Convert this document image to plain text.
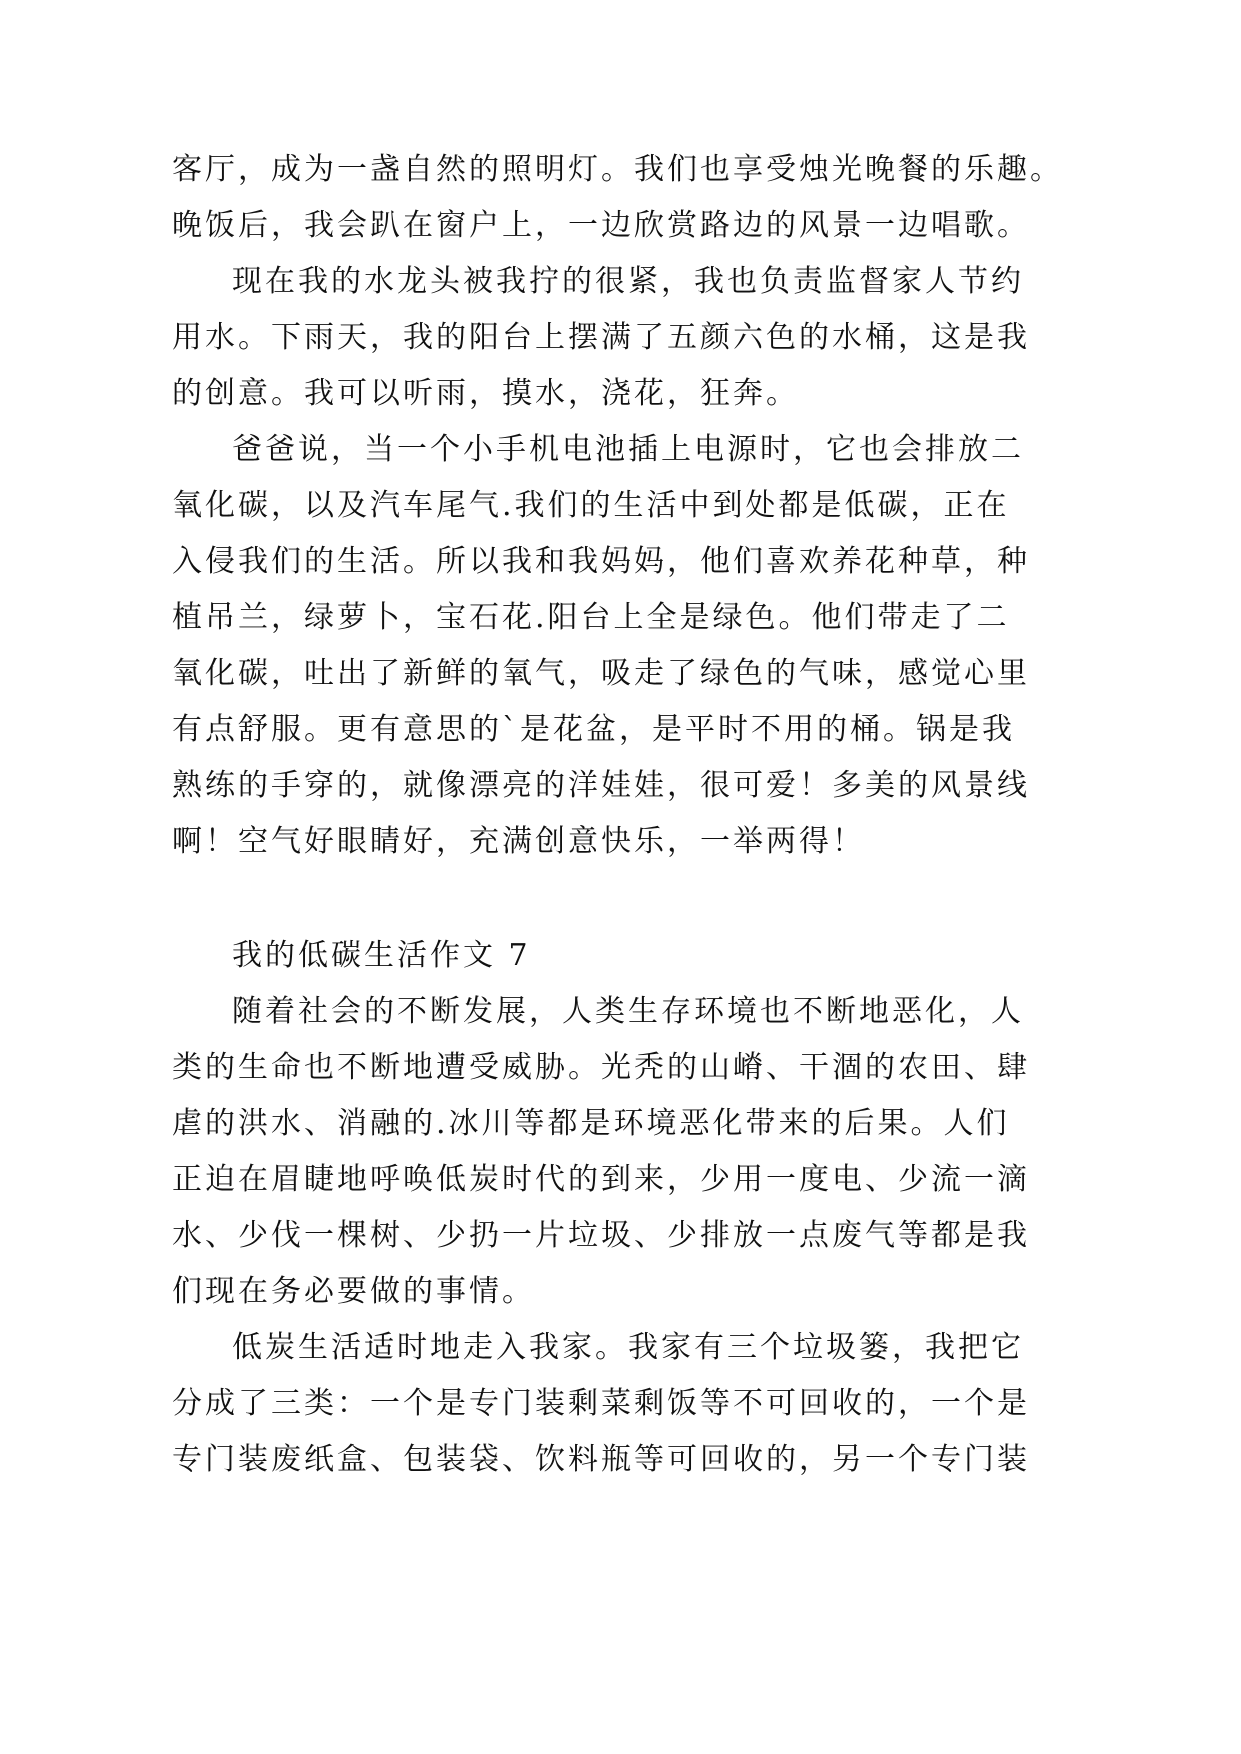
客厅，成为一盏自然的照明灯。我们也享受烛光晚餐的乐趣。
晚饭后，我会趴在窗户上，一边欣赏路边的风景一边唱歌。
现在我的水龙头被我拧的很紧，我也负责监督家人节约
用水。下雨天，我的阳台上摆满了五颜六色的水桶，这是我
的创意。我可以听雨，摸水，浇花，狂奔。
爸爸说，当一个小手机电池插上电源时，它也会排放二
氧化碳，以及汽车尾气.我们的生活中到处都是低碳，正在
入侵我们的生活。所以我和我妈妈，他们喜欢养花种草，种
植吊兰，绿萝卜，宝石花.阳台上全是绿色。他们带走了二
氧化碳，吐出了新鲜的氧气，吸走了绿色的气味，感觉心里
有点舒服。更有意思的`是花盆，是平时不用的桶。锅是我
熟练的手穿的，就像漂亮的洋娃娃，很可爱！多美的风景线
啊！空气好眼睛好，充满创意快乐，一举两得！
我的低碳生活作文 7
随着社会的不断发展，人类生存环境也不断地恶化，人
类的生命也不断地遭受威胁。光秃的山嵴、干涸的农田、肆
虐的洪水、消融的.冰川等都是环境恶化带来的后果。人们
正迫在眉睫地呼唤低炭时代的到来，少用一度电、少流一滴
水、少伐一棵树、少扔一片垃圾、少排放一点废气等都是我
们现在务必要做的事情。
低炭生活适时地走入我家。我家有三个垃圾篓，我把它
分成了三类：一个是专门装剩菜剩饭等不可回收的，一个是
专门装废纸盒、包装袋、饮料瓶等可回收的，另一个专门装
